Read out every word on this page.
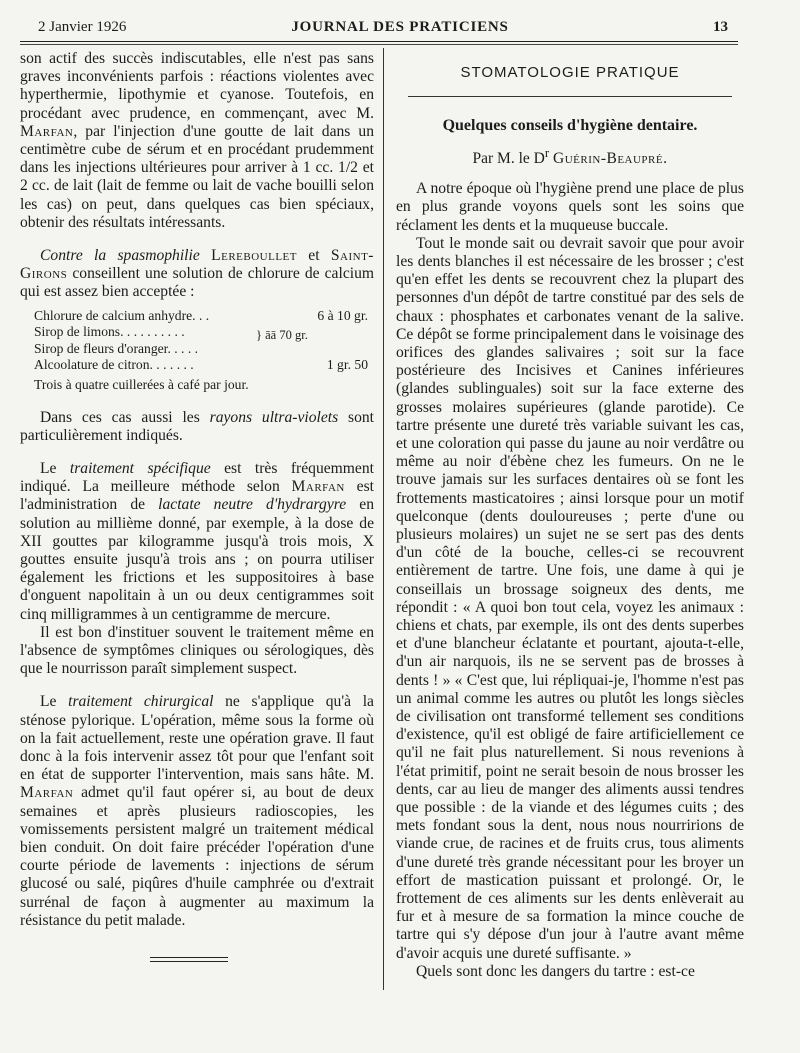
2 Janvier 1926	JOURNAL DES PRATICIENS	13

son actif des succès indiscutables, elle n'est pas sans graves inconvénients parfois : réactions violentes avec hyperthermie, lipothymie et cyanose. Toutefois, en procédant avec prudence, en commençant, avec M. Marfan, par l'injection d'une goutte de lait dans un centimètre cube de sérum et en procédant prudemment dans les injections ultérieures pour arriver à 1 cc. 1/2 et 2 cc. de lait (lait de femme ou lait de vache bouilli selon les cas) on peut, dans quelques cas bien spéciaux, obtenir des résultats intéressants.

Contre la spasmophilie Lereboullet et Saint-Girons conseillent une solution de chlorure de calcium qui est assez bien acceptée :

Chlorure de calcium anhydre. . .	6 à 10 gr.
Sirop de limons. . . . . . . . . .
Sirop de fleurs d'oranger. . . . .
} āā 70 gr.
Alcoolature de citron. . . . . . .	1 gr. 50
Trois à quatre cuillerées à café par jour.

Dans ces cas aussi les rayons ultra-violets sont particulièrement indiqués.

Le traitement spécifique est très fréquemment indiqué. La meilleure méthode selon Marfan est l'administration de lactate neutre d'hydrargyre en solution au millième donné, par exemple, à la dose de XII gouttes par kilogramme jusqu'à trois mois, X gouttes ensuite jusqu'à trois ans ; on pourra utiliser également les frictions et les suppositoires à base d'onguent napolitain à un ou deux centigrammes soit cinq milligrammes à un centigramme de mercure.

Il est bon d'instituer souvent le traitement même en l'absence de symptômes cliniques ou sérologiques, dès que le nourrisson paraît simplement suspect.

Le traitement chirurgical ne s'applique qu'à la sténose pylorique. L'opération, même sous la forme où on la fait actuellement, reste une opération grave. Il faut donc à la fois intervenir assez tôt pour que l'enfant soit en état de supporter l'intervention, mais sans hâte. M. Marfan admet qu'il faut opérer si, au bout de deux semaines et après plusieurs radioscopies, les vomissements persistent malgré un traitement médical bien conduit. On doit faire précéder l'opération d'une courte période de lavements : injections de sérum glucosé ou salé, piqûres d'huile camphrée ou d'extrait surrénal de façon à augmenter au maximum la résistance du petit malade.

STOMATOLOGIE PRATIQUE
Quelques conseils d'hygiène dentaire.
Par M. le $D^r$ Guérin-Beaupré.

A notre époque où l'hygiène prend une place de plus en plus grande voyons quels sont les soins que réclament les dents et la muqueuse buccale.

Tout le monde sait ou devrait savoir que pour avoir les dents blanches il est nécessaire de les brosser ; c'est qu'en effet les dents se recouvrent chez la plupart des personnes d'un dépôt de tartre constitué par des sels de chaux : phosphates et carbonates venant de la salive. Ce dépôt se forme principalement dans le voisinage des orifices des glandes salivaires ; soit sur la face postérieure des Incisives et Canines inférieures (glandes sublinguales) soit sur la face externe des grosses molaires supérieures (glande parotide). Ce tartre présente une dureté très variable suivant les cas, et une coloration qui passe du jaune au noir verdâtre ou même au noir d'ébène chez les fumeurs. On ne le trouve jamais sur les surfaces dentaires où se font les frottements masticatoires ; ainsi lorsque pour un motif quelconque (dents douloureuses ; perte d'une ou plusieurs molaires) un sujet ne se sert pas des dents d'un côté de la bouche, celles-ci se recouvrent entièrement de tartre. Une fois, une dame à qui je conseillais un brossage soigneux des dents, me répondit : « A quoi bon tout cela, voyez les animaux : chiens et chats, par exemple, ils ont des dents superbes et d'une blancheur éclatante et pourtant, ajouta-t-elle, d'un air narquois, ils ne se servent pas de brosses à dents ! » « C'est que, lui répliquai-je, l'homme n'est pas un animal comme les autres ou plutôt les longs siècles de civilisation ont transformé tellement ses conditions d'existence, qu'il est obligé de faire artificiellement ce qu'il ne fait plus naturellement. Si nous revenions à l'état primitif, point ne serait besoin de nous brosser les dents, car au lieu de manger des aliments aussi tendres que possible : de la viande et des légumes cuits ; des mets fondant sous la dent, nous nous nourririons de viande crue, de racines et de fruits crus, tous aliments d'une dureté très grande nécessitant pour les broyer un effort de mastication puissant et prolongé. Or, le frottement de ces aliments sur les dents enlèverait au fur et à mesure de sa formation la mince couche de tartre qui s'y dépose d'un jour à l'autre avant même d'avoir acquis une dureté suffisante. »

Quels sont donc les dangers du tartre : est-ce
